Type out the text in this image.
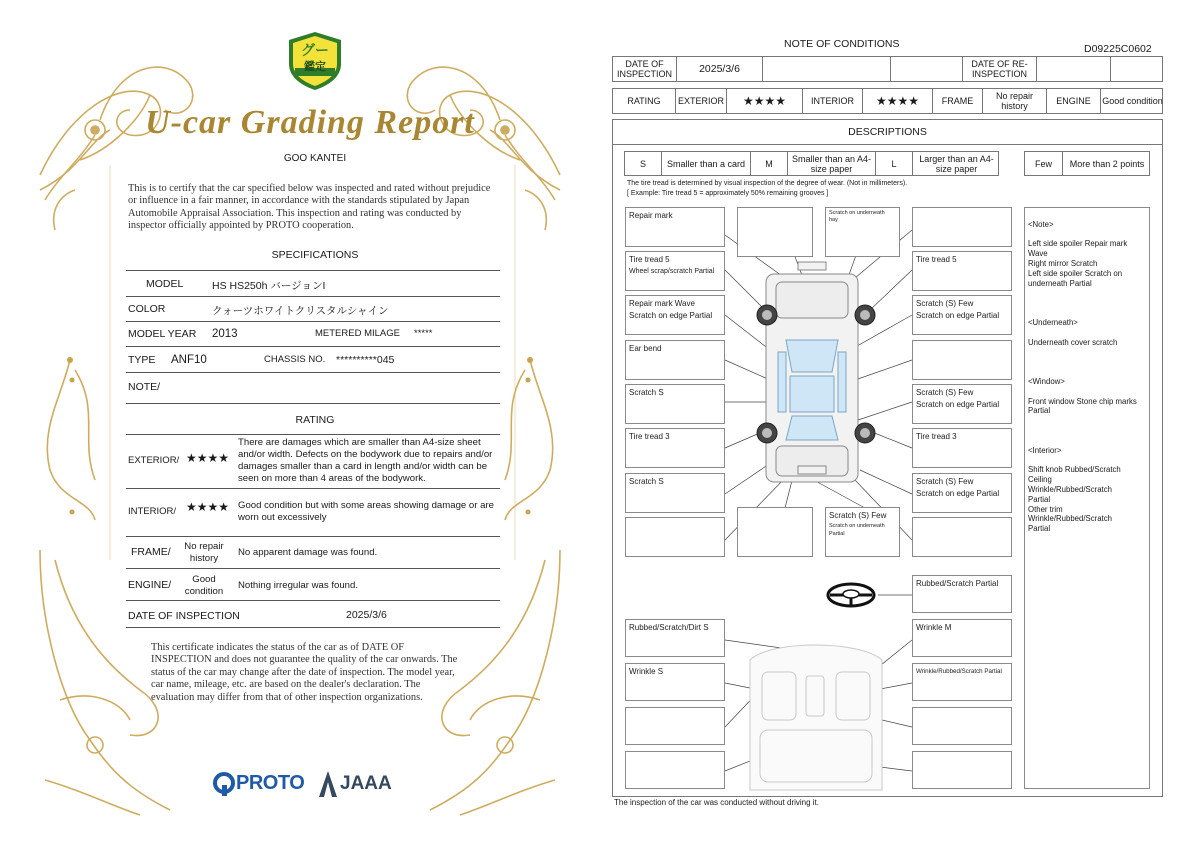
グー
鑑定
U-car Grading Report
GOO KANTEI
This is to certify that the car specified below was inspected and rated without prejudice or influence in a fair manner, in accordance with the standards stipulated by Japan Automobile Appraisal Association. This inspection and rating was conducted by inspector officially appointed by PROTO cooperation.
SPECIFICATIONS
MODEL	HS HS250h バージョンI
COLOR	クォーツホワイトクリスタルシャイン
MODEL YEAR 2013	METERED MILAGE *****
TYPE ANF10	CHASSIS NO. **********045
NOTE/
RATING
EXTERIOR/ ★★★★
There are damages which are smaller than A4-size sheet and/or width. Defects on the bodywork due to repairs and/or damages smaller than a card in length and/or width can be seen on more than 4 areas of the bodywork.
INTERIOR/ ★★★★ Good condition but with some areas showing damage or are worn out excessively
FRAME/	No repair history
No apparent damage was found.
ENGINE/	Good condition
Nothing irregular was found.
DATE OF INSPECTION	2025/3/6
This certificate indicates the status of the car as of DATE OF INSPECTION and does not guarantee the quality of the car onwards. The status of the car may change after the date of inspection. The model year, car name, mileage, etc. are based on the dealer's declaration. The evaluation may differ from that of other inspection organizations.
PROTO JAAA
NOTE OF CONDITIONS	D09225C0602
DATE OF INSPECTION	2025/3/6	DATE OF RE-INSPECTION
RATING	EXTERIOR	★★★★	INTERIOR	★★★★	FRAME	No repair history	ENGINE	Good condition
DESCRIPTIONS
S	Smaller than a card	M	Smaller than an A4-size paper	L	Larger than an A4-size paper	Few	More than 2 points
The tire tread is determined by visual inspection of the degree of wear. (Not in millimeters).
[ Example: Tire tread 5 = approximately 50% remaining grooves ]
Repair mark	Scratch on underneath
hay
Tire tread 5
Wheel scrap/scratch Partial
Tire tread 5
Repair mark Wave
Scratch on edge Partial
Scratch (S) Few
Scratch on edge Partial
Ear bend
Scratch S	Scratch (S) Few
Scratch on edge Partial
Tire tread 3	Tire tread 3
Scratch S	Scratch (S) Few
Scratch on edge Partial
Scratch (S) Few
Scratch on underneath Partial
Rubbed/Scratch Partial
Rubbed/Scratch/Dirt S	Wrinkle M
Wrinkle S	Wrinkle/Rubbed/Scratch Partial

<Note>

Left side spoiler Repair mark Wave
Right mirror Scratch
Left side spoiler Scratch on underneath Partial

<Underneath>

Underneath cover scratch

<Window>

Front window Stone chip marks Partial

<Interior>

Shift knob Rubbed/Scratch
Ceiling
Wrinkle/Rubbed/Scratch
Partial
Other trim
Wrinkle/Rubbed/Scratch
Partial

The inspection of the car was conducted without driving it.
